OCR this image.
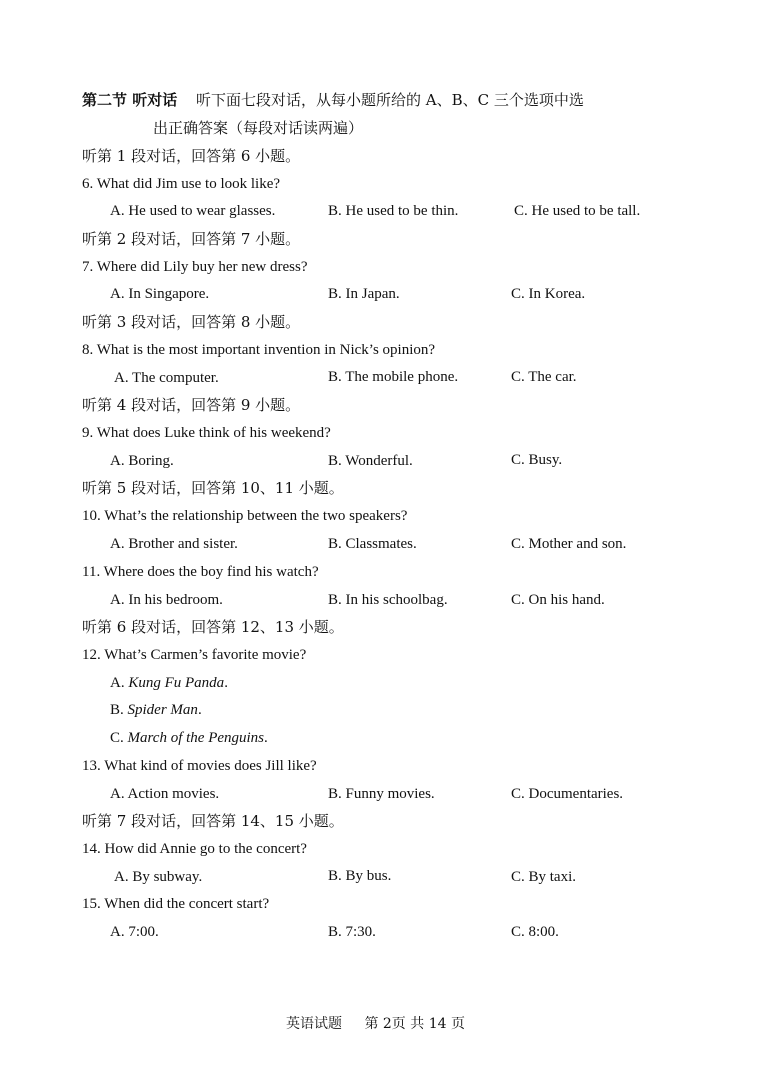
第二节 听对话 听下面七段对话，从每小题所给的 A、B、C 三个选项中选
出正确答案（每段对话读两遍）
听第 1 段对话，回答第 6 小题。
6. What did Jim use to look like?
A. He used to wear glasses.	B. He used to be thin.	C. He used to be tall.
听第 2 段对话，回答第 7 小题。
7. Where did Lily buy her new dress?
A. In Singapore.	B. In Japan.	C. In Korea.
听第 3 段对话，回答第 8 小题。
8. What is the most important invention in Nick’s opinion?
A. The computer.	B. The mobile phone.	C. The car.
听第 4 段对话，回答第 9 小题。
9. What does Luke think of his weekend?
A. Boring.	B. Wonderful.	C. Busy.
听第 5 段对话，回答第 10、11 小题。
10. What’s the relationship between the two speakers?
A. Brother and sister.	B. Classmates.	C. Mother and son.
11. Where does the boy find his watch?
A. In his bedroom.	B. In his schoolbag.	C. On his hand.
听第 6 段对话，回答第 12、13 小题。
12. What’s Carmen’s favorite movie?
A. Kung Fu Panda.
B. Spider Man.
C. March of the Penguins.
13. What kind of movies does Jill like?
A. Action movies.	B. Funny movies.	C. Documentaries.
听第 7 段对话，回答第 14、15 小题。
14. How did Annie go to the concert?
A. By subway.	B. By bus.	C. By taxi.
15. When did the concert start?
A. 7:00.	B. 7:30.	C. 8:00.
英语试题 第 2页 共 14 页
